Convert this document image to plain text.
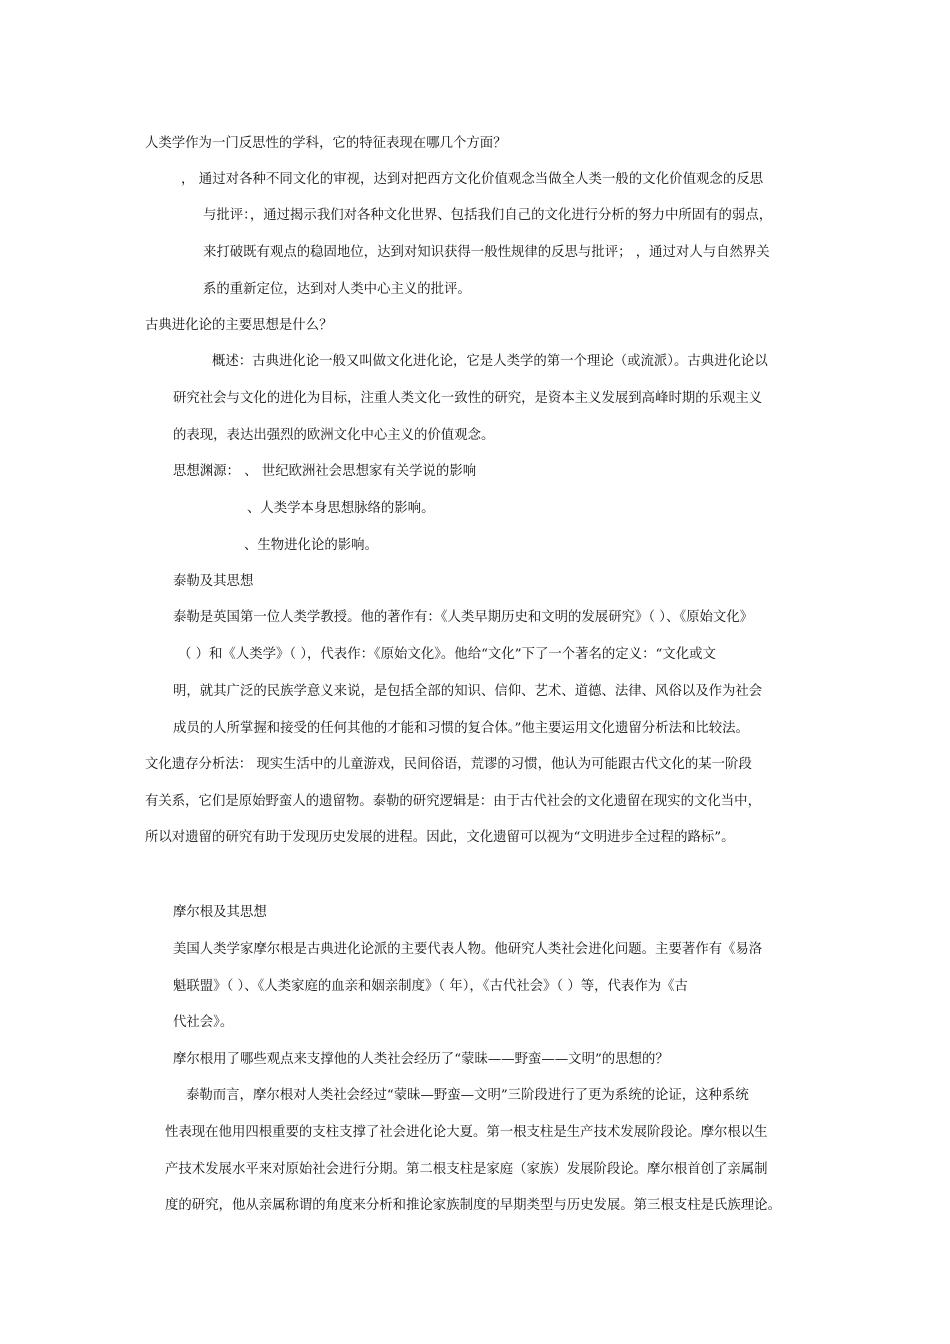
人类学作为一门反思性的学科，它的特征表现在哪几个方面？
， 通过对各种不同文化的审视，达到对把西方文化价值观念当做全人类一般的文化价值观念的反思
与批评：，通过揭示我们对各种文化世界、包括我们自己的文化进行分析的努力中所固有的弱点，
来打破既有观点的稳固地位，达到对知识获得一般性规律的反思与批评； ，通过对人与自然界关
系的重新定位，达到对人类中心主义的批评。
古典进化论的主要思想是什么？
概述：古典进化论一般又叫做文化进化论，它是人类学的第一个理论（或流派）。古典进化论以
研究社会与文化的进化为目标，注重人类文化一致性的研究，是资本主义发展到高峰时期的乐观主义
的表现，表达出强烈的欧洲文化中心主义的价值观念。
思想渊源： 、 世纪欧洲社会思想家有关学说的影响
、人类学本身思想脉络的影响。
、生物进化论的影响。
泰勒及其思想
泰勒是英国第一位人类学教授。他的著作有：《人类早期历史和文明的发展研究》（ ）、《原始文化》
（ ）和《人类学》（ ），代表作：《原始文化》。他给“文化”下了一个著名的定义：“文化或文
明，就其广泛的民族学意义来说，是包括全部的知识、信仰、艺术、道德、法律、风俗以及作为社会
成员的人所掌握和接受的任何其他的才能和习惯的复合体。”他主要运用文化遗留分析法和比较法。
文化遗存分析法： 现实生活中的儿童游戏，民间俗语，荒谬的习惯，他认为可能跟古代文化的某一阶段
有关系，它们是原始野蛮人的遗留物。泰勒的研究逻辑是：由于古代社会的文化遗留在现实的文化当中，
所以对遗留的研究有助于发现历史发展的进程。因此，文化遗留可以视为“文明进步全过程的路标”。
摩尔根及其思想
美国人类学家摩尔根是古典进化论派的主要代表人物。他研究人类社会进化问题。主要著作有《易洛
魁联盟》（ ）、《人类家庭的血亲和姻亲制度》（ 年），《古代社会》（ ）等，代表作为《古
代社会》。
摩尔根用了哪些观点来支撑他的人类社会经历了“蒙昧——野蛮——文明”的思想的？
泰勒而言，摩尔根对人类社会经过“蒙昧—野蛮—文明”三阶段进行了更为系统的论证，这种系统
性表现在他用四根重要的支柱支撑了社会进化论大夏。第一根支柱是生产技术发展阶段论。摩尔根以生
产技术发展水平来对原始社会进行分期。第二根支柱是家庭（家族）发展阶段论。摩尔根首创了亲属制
度的研究，他从亲属称谓的角度来分析和推论家族制度的早期类型与历史发展。第三根支柱是氏族理论。
